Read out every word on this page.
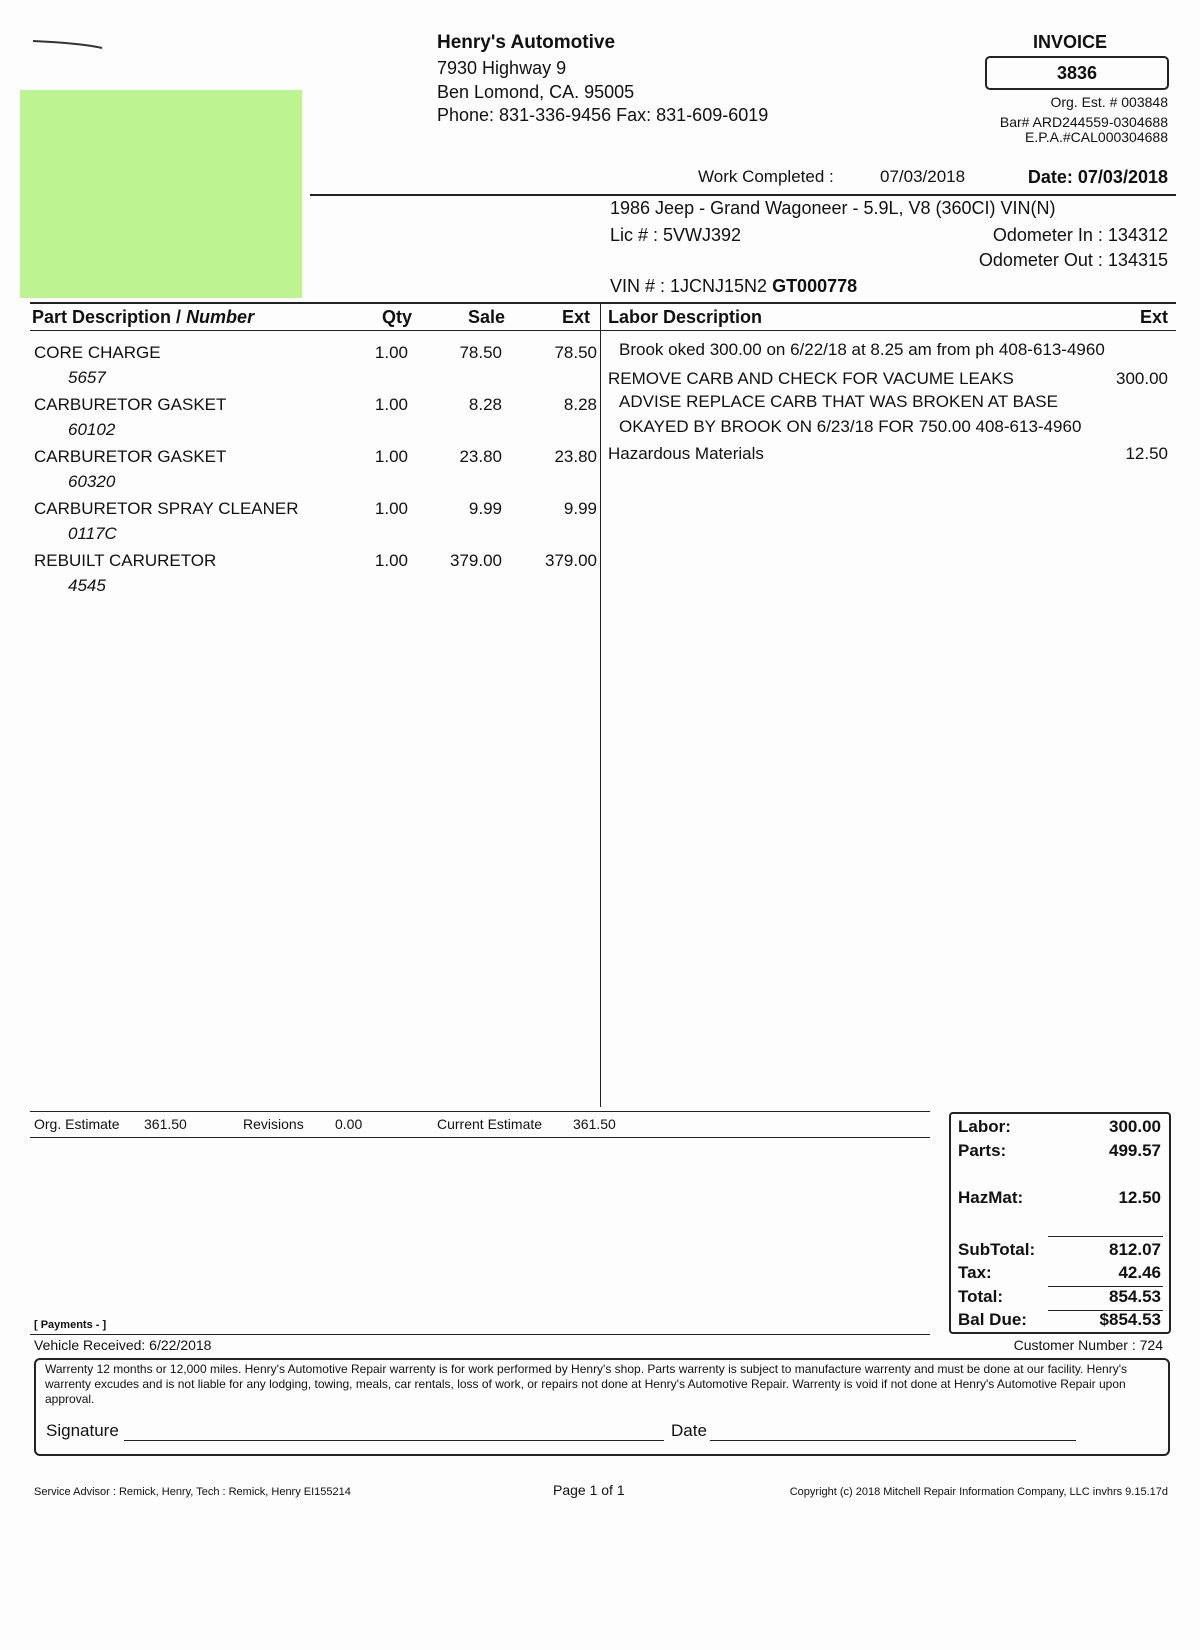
Henry's Automotive
7930 Highway 9
Ben Lomond, CA. 95005
Phone: 831-336-9456 Fax: 831-609-6019
INVOICE
3836
Org. Est. # 003848
Bar# ARD244559-0304688
E.P.A.#CAL000304688
Work Completed :	07/03/2018	Date: 07/03/2018
1986 Jeep - Grand Wagoneer - 5.9L, V8 (360CI) VIN(N)
Lic # : 5VWJ392	Odometer In : 134312
Odometer Out : 134315
VIN # : 1JCNJ15N2 GT000778
Part Description / Number	Qty	Sale	Ext Labor Description	Ext
CORE CHARGE
5657
1.00	78.50	78.50
CARBURETOR GASKET
60102
1.00	8.28	8.28
CARBURETOR GASKET
60320
1.00	23.80	23.80
CARBURETOR SPRAY CLEANER
0117C
1.00	9.99	9.99
REBUILT CARURETOR
4545
1.00	379.00	379.00
Brook oked 300.00 on 6/22/18 at 8.25 am from ph 408-613-4960
REMOVE CARB AND CHECK FOR VACUME LEAKS	300.00
ADVISE REPLACE CARB THAT WAS BROKEN AT BASE
OKAYED BY BROOK ON 6/23/18 FOR 750.00 408-613-4960
Hazardous Materials	12.50
Org. Estimate 361.50	Revisions 0.00	Current Estimate 361.50	Labor:	300.00
Parts:	499.57
HazMat:	12.50
SubTotal:	812.07
Tax:	42.46
Total:	854.53
Bal Due:	$854.53
[ Payments - ]
Vehicle Received: 6/22/2018	Customer Number : 724
Warrenty 12 months or 12,000 miles. Henry's Automotive Repair warrenty is for work performed by Henry's shop. Parts warrenty is subject to manufacture warrenty and must be done at our facility. Henry's warrenty excudes and is not liable for any lodging, towing, meals, car rentals, loss of work, or repairs not done at Henry's Automotive Repair. Warrenty is void if not done at Henry's Automotive Repair upon approval.
Signature	Date
Service Advisor : Remick, Henry, Tech : Remick, Henry EI155214	Page 1 of 1	Copyright (c) 2018 Mitchell Repair Information Company, LLC invhrs 9.15.17d
